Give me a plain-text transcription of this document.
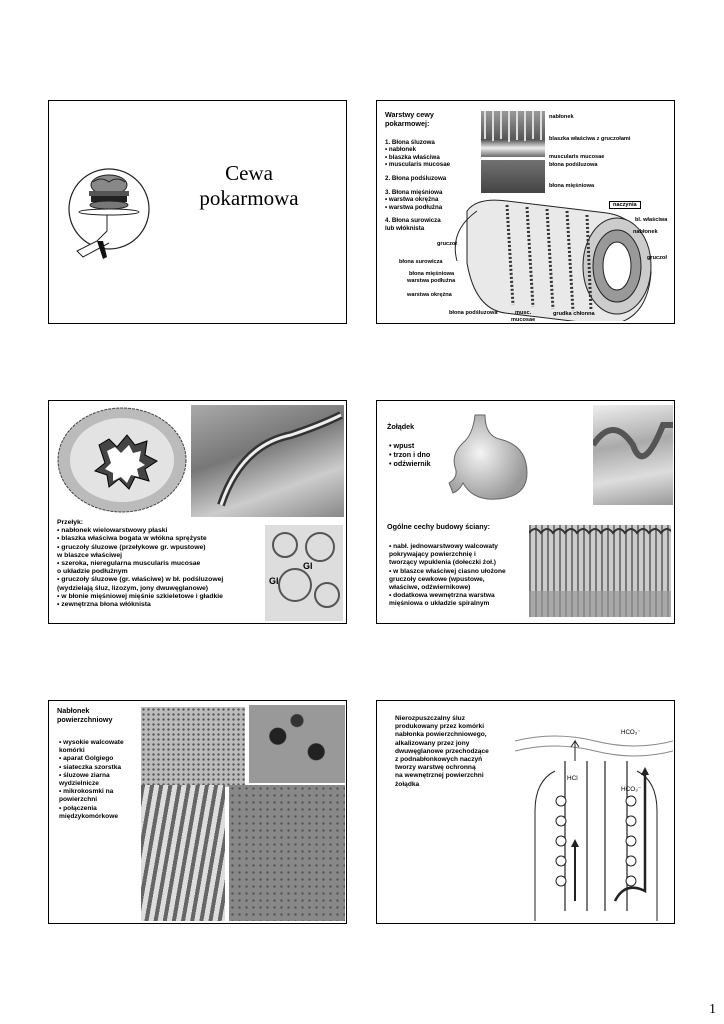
Cewa
pokarmowa
Warstwy cewy
pokarmowej:
1. Błona śluzowa
• nabłonek
• blaszka właściwa
• muscularis mucosae
2. Błona podśluzowa
3. Błona mięśniowa
• warstwa okrężna
• warstwa podłużna
4. Błona surowicza
lub włóknista
nabłonek
blaszka właściwa z gruczołami
muscularis mucosae
błona podśluzowa
błona mięśniowa
naczynia
bl. właściwa
nabłonek
gruczoł
gruczoł
błona surowicza
błona mięśniowa
warstwa podłużna
warstwa okrężna
błona podśluzowa	musc.
mucosae
grudka chłonna
Przełyk:
• nabłonek wielowarstwowy płaski
• blaszka właściwa bogata w włókna sprężyste
• gruczoły śluzowe (przełykowe gr. wpustowe)
w blaszce właściwej
• szeroka, nieregularna muscularis mucosae
o układzie podłużnym
• gruczoły śluzowe (gr. właściwe) w bł. podśluzowej
(wydzielają śluz, lizozym, jony dwuwęglanowe)
• w błonie mięśniowej mięśnie szkieletowe i gładkie
• zewnętrzna błona włóknista
Gl
Gl
Żołądek
• wpust
• trzon i dno
• odźwiernik
Ogólne cechy budowy ściany:
• nabł. jednowarstwowy walcowaty
pokrywający powierzchnię i
tworzący wpuklenia (dołeczki żoł.)
• w blaszce właściwej ciasno ułożone
gruczoły cewkowe (wpustowe,
właściwe, odźwiernikowe)
• dodatkowa wewnętrzna warstwa
mięśniowa o układzie spiralnym
Nabłonek
powierzchniowy
• wysokie walcowate
komórki
• aparat Golgiego
• siateczka szorstka
• śluzowe ziarna
wydzielnicze
• mikrokosmki na
powierzchni
• połączenia
międzykomórkowe
Nierozpuszczalny śluz
produkowany przez komórki
nabłonka powierzchniowego,
alkalizowany przez jony
dwuwęglanowe przechodzące
z podnabłonkowych naczyń
tworzy warstwę ochronną
na wewnętrznej powierzchni
żołądka
HCO₃⁻
HCl
HCO₃⁻
1
